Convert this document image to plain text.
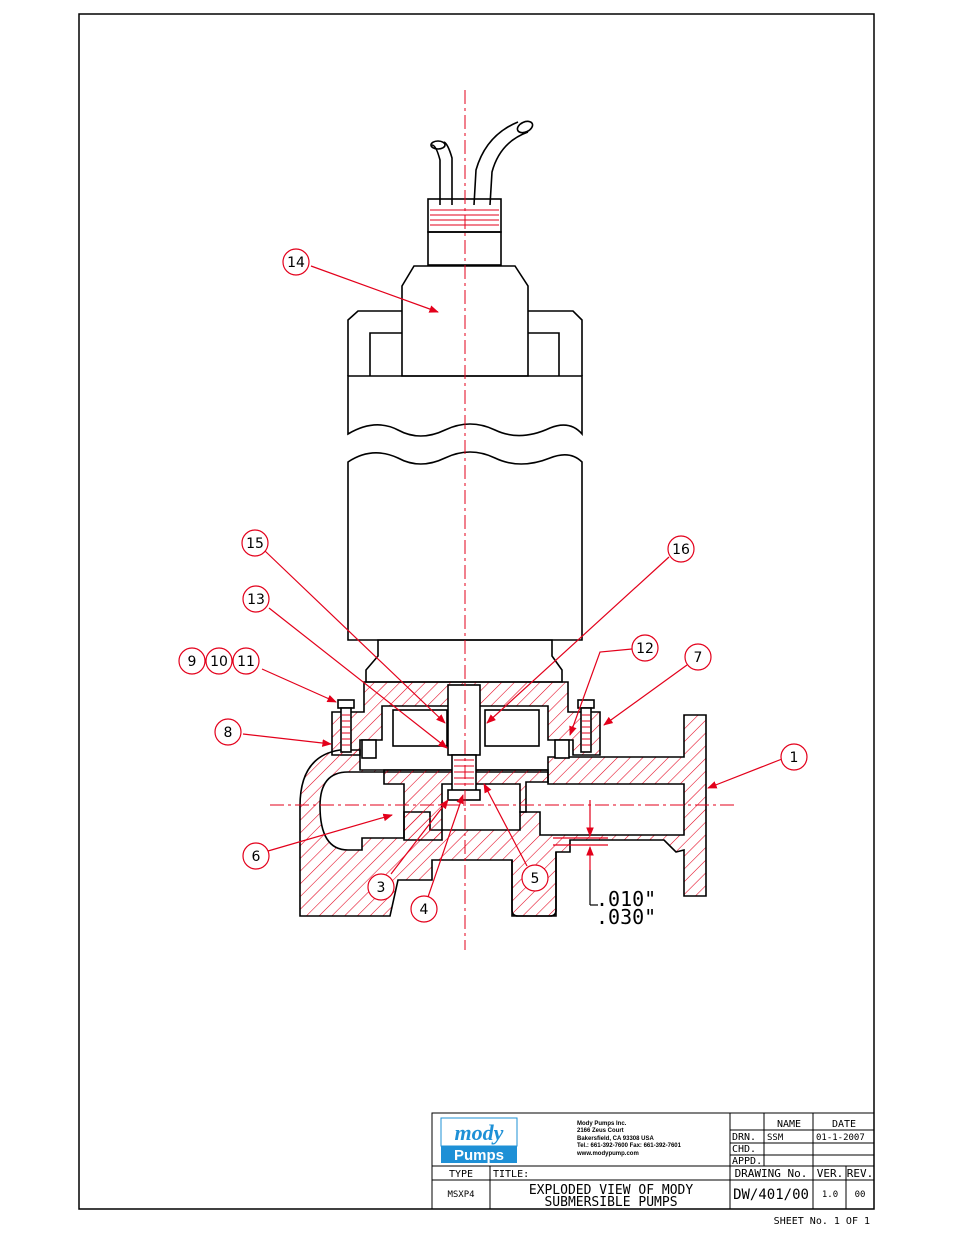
.010"
.030"
14
15	16
13
9 10 11
12
7
8
1
6
3
4
5
mody
Pumps
Mody Pumps Inc.
2166 Zeus Court
Bakersfield, CA 93308 USA
Tel.: 661-392-7600 Fax: 661-392-7601
www.modypump.com
NAME	DATE
DRN. SSM	01-1-2007
CHD.
APPD.
TYPE
MSXP4
TITLE:
EXPLODED VIEW OF MODY
SUBMERSIBLE PUMPS
DRAWING No.
DW/401/00
VER.
1.0
REV.
00
SHEET No. 1 OF 1
